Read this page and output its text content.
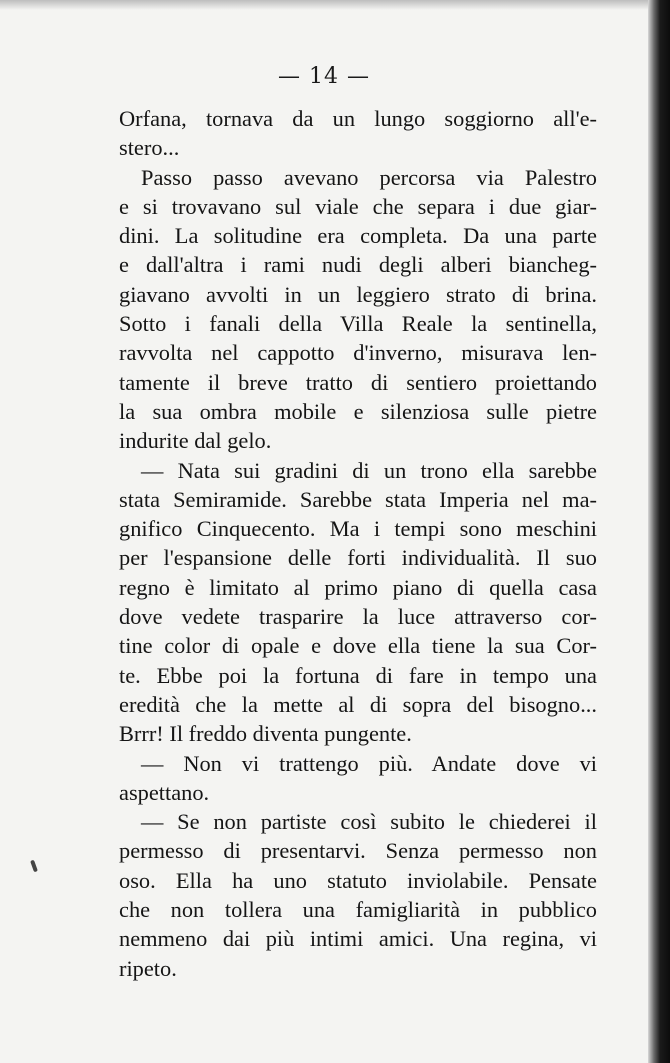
— 14 —
Orfana, tornava da un lungo soggiorno all'e-
stero...
Passo passo avevano percorsa via Palestro
e si trovavano sul viale che separa i due giar-
dini. La solitudine era completa. Da una parte
e dall'altra i rami nudi degli alberi biancheg-
giavano avvolti in un leggiero strato di brina.
Sotto i fanali della Villa Reale la sentinella,
ravvolta nel cappotto d'inverno, misurava len-
tamente il breve tratto di sentiero proiettando
la sua ombra mobile e silenziosa sulle pietre
indurite dal gelo.
— Nata sui gradini di un trono ella sarebbe
stata Semiramide. Sarebbe stata Imperia nel ma-
gnifico Cinquecento. Ma i tempi sono meschini
per l'espansione delle forti individualità. Il suo
regno è limitato al primo piano di quella casa
dove vedete trasparire la luce attraverso cor-
tine color di opale e dove ella tiene la sua Cor-
te. Ebbe poi la fortuna di fare in tempo una
eredità che la mette al di sopra del bisogno...
Brrr! Il freddo diventa pungente.
— Non vi trattengo più. Andate dove vi
aspettano.
— Se non partiste così subito le chiederei il
permesso di presentarvi. Senza permesso non
oso. Ella ha uno statuto inviolabile. Pensate
che non tollera una famigliarità in pubblico
nemmeno dai più intimi amici. Una regina, vi
ripeto.
